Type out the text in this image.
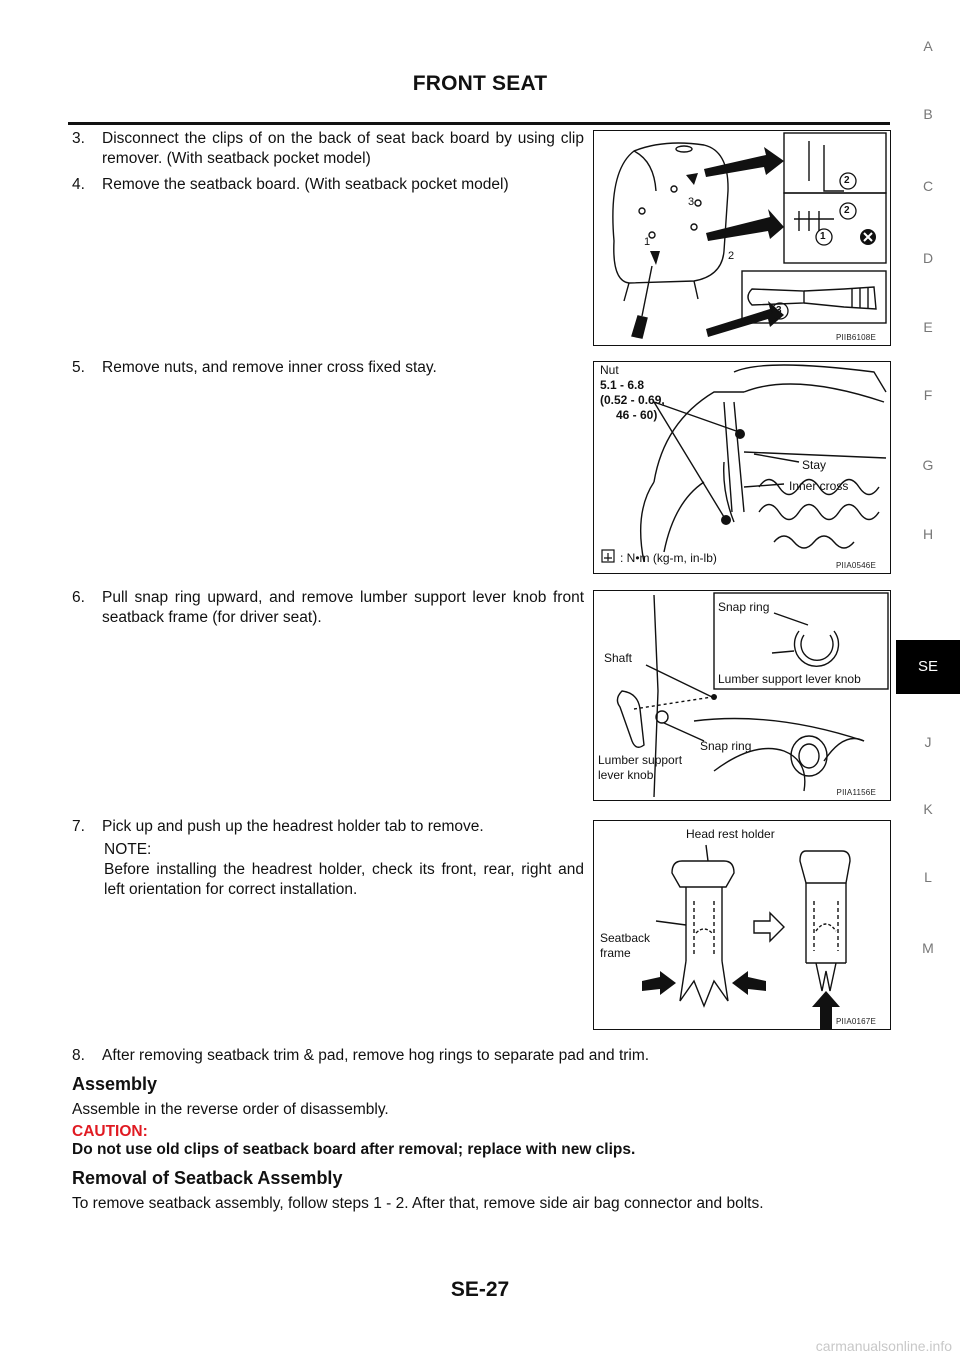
FRONT SEAT
A
B
C
D
E
F
G
H
SE
J
K
L
M
3.	Disconnect the clips of on the back of seat back board by using clip remover. (With seatback pocket model)
4.	Remove the seatback board. (With seatback pocket model)
5.	Remove nuts, and remove inner cross fixed stay.
6.	Pull snap ring upward, and remove lumber support lever knob front seatback frame (for driver seat).
7.	Pick up and push up the headrest holder tab to remove.
NOTE:
Before installing the headrest holder, check its front, rear, right and left orientation for correct installation.
8.	After removing seatback trim & pad, remove hog rings to separate pad and trim.
3
1
2
2
2
1
3
PIIB6108E
Nut
5.1 - 6.8
(0.52 - 0.69,
46 - 60)
Stay
Inner cross
: N•m (kg-m, in-lb)
PIIA0546E
Snap ring
Lumber support lever knob
Shaft
Snap ring
Lumber support
lever knob
PIIA1156E
Head rest holder
Seatback
frame
PIIA0167E
Assembly
Assemble in the reverse order of disassembly.
CAUTION:
Do not use old clips of seatback board after removal; replace with new clips.
Removal of Seatback Assembly
To remove seatback assembly, follow steps 1 - 2. After that, remove side air bag connector and bolts.
SE-27
carmanualsonline.info
